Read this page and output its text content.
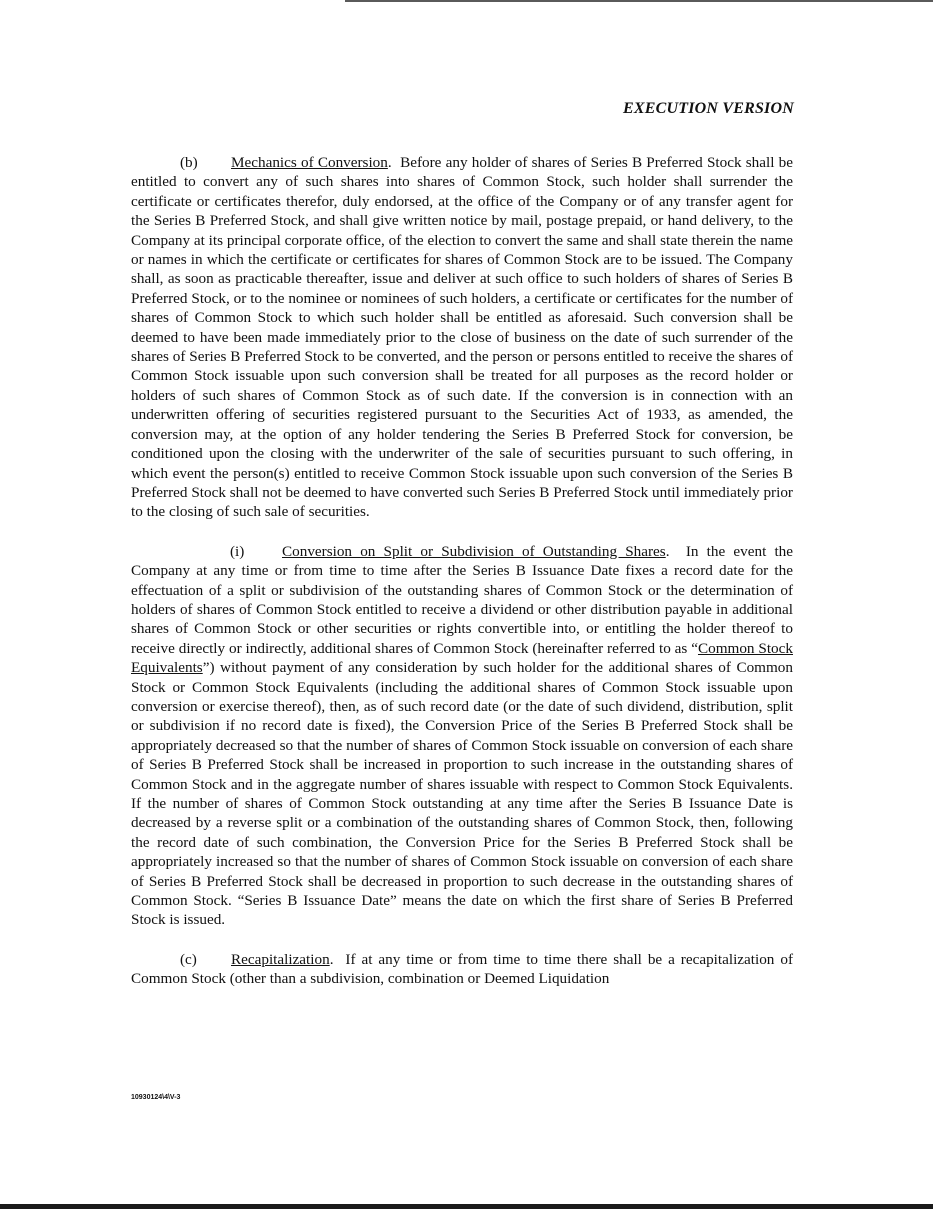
EXECUTION VERSION

(b) Mechanics of Conversion. Before any holder of shares of Series B Preferred Stock shall be entitled to convert any of such shares into shares of Common Stock, such holder shall surrender the certificate or certificates therefor, duly endorsed, at the office of the Company or of any transfer agent for the Series B Preferred Stock, and shall give written notice by mail, postage prepaid, or hand delivery, to the Company at its principal corporate office, of the election to convert the same and shall state therein the name or names in which the certificate or certificates for shares of Common Stock are to be issued. The Company shall, as soon as practicable thereafter, issue and deliver at such office to such holders of shares of Series B Preferred Stock, or to the nominee or nominees of such holders, a certificate or certificates for the number of shares of Common Stock to which such holder shall be entitled as aforesaid. Such conversion shall be deemed to have been made immediately prior to the close of business on the date of such surrender of the shares of Series B Preferred Stock to be converted, and the person or persons entitled to receive the shares of Common Stock issuable upon such conversion shall be treated for all purposes as the record holder or holders of such shares of Common Stock as of such date. If the conversion is in connection with an underwritten offering of securities registered pursuant to the Securities Act of 1933, as amended, the conversion may, at the option of any holder tendering the Series B Preferred Stock for conversion, be conditioned upon the closing with the underwriter of the sale of securities pursuant to such offering, in which event the person(s) entitled to receive Common Stock issuable upon such conversion of the Series B Preferred Stock shall not be deemed to have converted such Series B Preferred Stock until immediately prior to the closing of such sale of securities.

(i) Conversion on Split or Subdivision of Outstanding Shares. In the event the Company at any time or from time to time after the Series B Issuance Date fixes a record date for the effectuation of a split or subdivision of the outstanding shares of Common Stock or the determination of holders of shares of Common Stock entitled to receive a dividend or other distribution payable in additional shares of Common Stock or other securities or rights convertible into, or entitling the holder thereof to receive directly or indirectly, additional shares of Common Stock (hereinafter referred to as “Common Stock Equivalents”) without payment of any consideration by such holder for the additional shares of Common Stock or Common Stock Equivalents (including the additional shares of Common Stock issuable upon conversion or exercise thereof), then, as of such record date (or the date of such dividend, distribution, split or subdivision if no record date is fixed), the Conversion Price of the Series B Preferred Stock shall be appropriately decreased so that the number of shares of Common Stock issuable on conversion of each share of Series B Preferred Stock shall be increased in proportion to such increase in the outstanding shares of Common Stock and in the aggregate number of shares issuable with respect to Common Stock Equivalents. If the number of shares of Common Stock outstanding at any time after the Series B Issuance Date is decreased by a reverse split or a combination of the outstanding shares of Common Stock, then, following the record date of such combination, the Conversion Price for the Series B Preferred Stock shall be appropriately increased so that the number of shares of Common Stock issuable on conversion of each share of Series B Preferred Stock shall be decreased in proportion to such decrease in the outstanding shares of Common Stock. “Series B Issuance Date” means the date on which the first share of Series B Preferred Stock is issued.

(c) Recapitalization. If at any time or from time to time there shall be a recapitalization of Common Stock (other than a subdivision, combination or Deemed Liquidation

10930124\4\V-3
